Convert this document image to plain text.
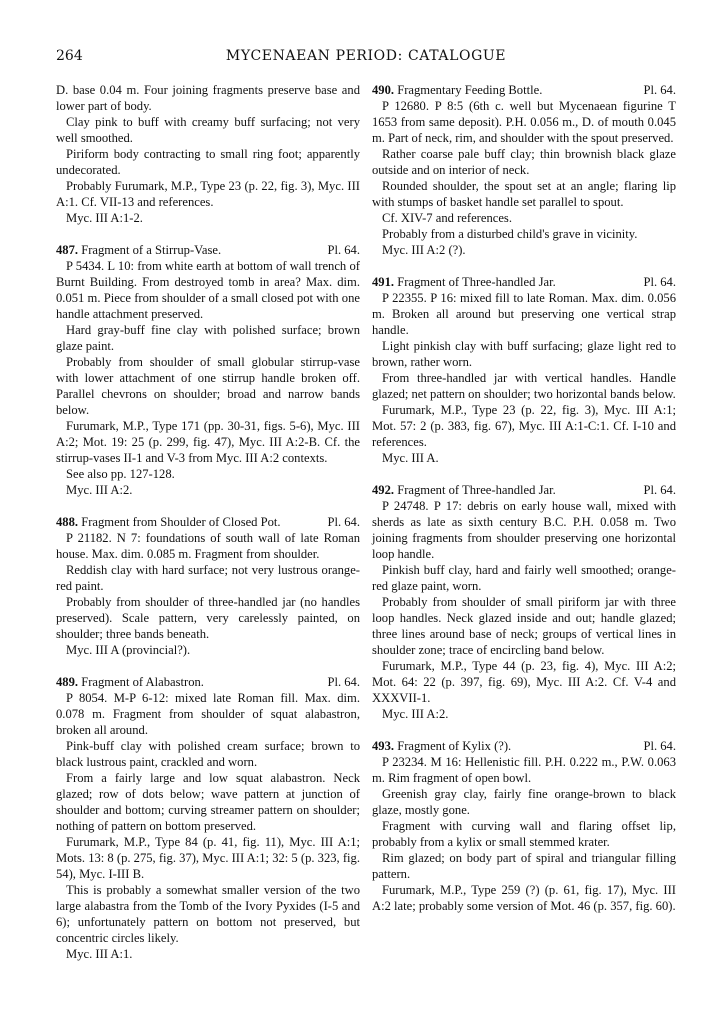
264	MYCENAEAN PERIOD: CATALOGUE

D. base 0.04 m. Four joining fragments preserve base and lower part of body.

Clay pink to buff with creamy buff surfacing; not very well smoothed.

Piriform body contracting to small ring foot; apparently undecorated.

Probably Furumark, M.P., Type 23 (p. 22, fig. 3), Myc. III A:1. Cf. VII-13 and references.

Myc. III A:1-2.

487. Fragment of a Stirrup-Vase.	Pl. 64.

P 5434. L 10: from white earth at bottom of wall trench of Burnt Building. From destroyed tomb in area? Max. dim. 0.051 m. Piece from shoulder of a small closed pot with one handle attachment preserved.

Hard gray-buff fine clay with polished surface; brown glaze paint.

Probably from shoulder of small globular stirrup-vase with lower attachment of one stirrup handle broken off. Parallel chevrons on shoulder; broad and narrow bands below.

Furumark, M.P., Type 171 (pp. 30-31, figs. 5-6), Myc. III A:2; Mot. 19: 25 (p. 299, fig. 47), Myc. III A:2-B. Cf. the stirrup-vases II-1 and V-3 from Myc. III A:2 contexts.

See also pp. 127-128.

Myc. III A:2.

488. Fragment from Shoulder of Closed Pot.	Pl. 64.

P 21182. N 7: foundations of south wall of late Roman house. Max. dim. 0.085 m. Fragment from shoulder.

Reddish clay with hard surface; not very lustrous orange-red paint.

Probably from shoulder of three-handled jar (no handles preserved). Scale pattern, very carelessly painted, on shoulder; three bands beneath.

Myc. III A (provincial?).

489. Fragment of Alabastron.	Pl. 64.

P 8054. M-P 6-12: mixed late Roman fill. Max. dim. 0.078 m. Fragment from shoulder of squat alabastron, broken all around.

Pink-buff clay with polished cream surface; brown to black lustrous paint, crackled and worn.

From a fairly large and low squat alabastron. Neck glazed; row of dots below; wave pattern at junction of shoulder and bottom; curving streamer pattern on shoulder; nothing of pattern on bottom preserved.

Furumark, M.P., Type 84 (p. 41, fig. 11), Myc. III A:1; Mots. 13: 8 (p. 275, fig. 37), Myc. III A:1; 32: 5 (p. 323, fig. 54), Myc. I-III B.

This is probably a somewhat smaller version of the two large alabastra from the Tomb of the Ivory Pyxides (I-5 and 6); unfortunately pattern on bottom not preserved, but concentric circles likely.

Myc. III A:1.

490. Fragmentary Feeding Bottle.	Pl. 64.

P 12680. P 8:5 (6th c. well but Mycenaean figurine T 1653 from same deposit). P.H. 0.056 m., D. of mouth 0.045 m. Part of neck, rim, and shoulder with the spout preserved.

Rather coarse pale buff clay; thin brownish black glaze outside and on interior of neck.

Rounded shoulder, the spout set at an angle; flaring lip with stumps of basket handle set parallel to spout.

Cf. XIV-7 and references.

Probably from a disturbed child's grave in vicinity.

Myc. III A:2 (?).

491. Fragment of Three-handled Jar.	Pl. 64.

P 22355. P 16: mixed fill to late Roman. Max. dim. 0.056 m. Broken all around but preserving one vertical strap handle.

Light pinkish clay with buff surfacing; glaze light red to brown, rather worn.

From three-handled jar with vertical handles. Handle glazed; net pattern on shoulder; two horizontal bands below.

Furumark, M.P., Type 23 (p. 22, fig. 3), Myc. III A:1; Mot. 57: 2 (p. 383, fig. 67), Myc. III A:1-C:1. Cf. I-10 and references.

Myc. III A.

492. Fragment of Three-handled Jar.	Pl. 64.

P 24748. P 17: debris on early house wall, mixed with sherds as late as sixth century B.C. P.H. 0.058 m. Two joining fragments from shoulder preserving one horizontal loop handle.

Pinkish buff clay, hard and fairly well smoothed; orange-red glaze paint, worn.

Probably from shoulder of small piriform jar with three loop handles. Neck glazed inside and out; handle glazed; three lines around base of neck; groups of vertical lines in shoulder zone; trace of encircling band below.

Furumark, M.P., Type 44 (p. 23, fig. 4), Myc. III A:2; Mot. 64: 22 (p. 397, fig. 69), Myc. III A:2. Cf. V-4 and XXXVII-1.

Myc. III A:2.

493. Fragment of Kylix (?).	Pl. 64.

P 23234. M 16: Hellenistic fill. P.H. 0.222 m., P.W. 0.063 m. Rim fragment of open bowl.

Greenish gray clay, fairly fine orange-brown to black glaze, mostly gone.

Fragment with curving wall and flaring offset lip, probably from a kylix or small stemmed krater.

Rim glazed; on body part of spiral and triangular filling pattern.

Furumark, M.P., Type 259 (?) (p. 61, fig. 17), Myc. III A:2 late; probably some version of Mot. 46 (p. 357, fig. 60).
